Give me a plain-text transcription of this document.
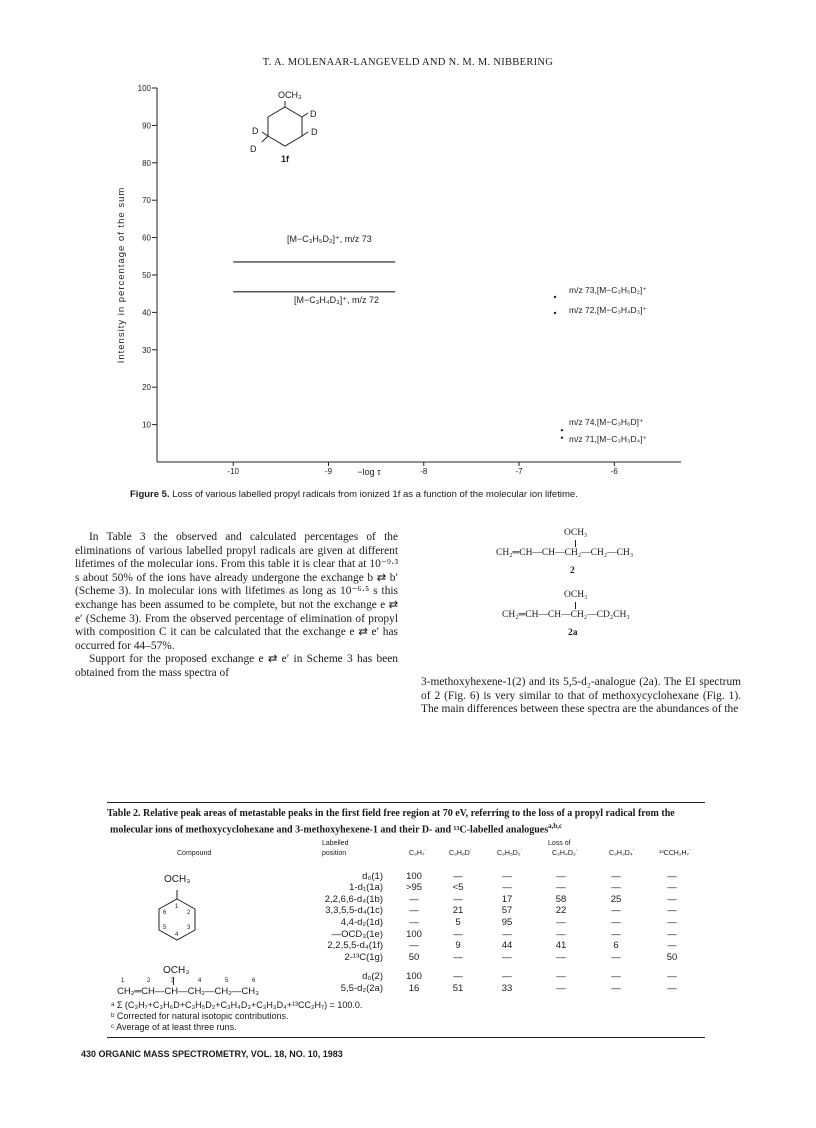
T. A. MOLENAAR-LANGEVELD AND N. M. M. NIBBERING
10
20
30
40
50
60
70
80
90
100
-10	-9	-8	-7	-6
Intensity in percentage of the sum
−log τ
OCH₃
D
D
D
D
1f
[M−C₃H₅D₂]⁺, m/z 73
[M−C₃H₄D₃]⁺, m/z 72
m/z 73,[M−C₃H₅D₂]⁺
m/z 72,[M−C₃H₄D₃]⁺
m/z 74,[M−C₃H₆D]⁺
m/z 71,[M−C₃H₃D₄]⁺
Figure 5. Loss of various labelled propyl radicals from ionized 1f as a function of the molecular ion lifetime.

In Table 3 the observed and calculated percentages of the eliminations of various labelled propyl radicals are given at different lifetimes of the molecular ions. From this table it is clear that at 10⁻⁹·³ s about 50% of the ions have already undergone the exchange b ⇄ b′ (Scheme 3). In molecular ions with lifetimes as long as 10⁻⁶·⁵ s this exchange has been assumed to be complete, but not the exchange e ⇄ e′ (Scheme 3). From the observed percentage of elimination of propyl with composition C it can be calculated that the exchange e ⇄ e′ has occurred for 44–57%.

Support for the proposed exchange e ⇄ e′ in Scheme 3 has been obtained from the mass spectra of

OCH₃
CH₂═CH—CH—CH₂—CH₂—CH₃
2
OCH₃
CH₂═CH—CH—CH₂—CD₂CH₃
2a

3-methoxyhexene-1(2) and its 5,5-d₂-analogue (2a). The EI spectrum of 2 (Fig. 6) is very similar to that of methoxycyclohexane (Fig. 1). The main differences between these spectra are the abundances of the

Table 2. Relative peak areas of metastable peaks in the first field free region at 70 eV, referring to the loss of a propyl radical from the molecular ions of methoxycyclohexane and 3-methoxyhexene-1 and their D- and ¹³C-labelled analogues$^{a,b,c}$
Labelled
Compound	position
Loss of
C₃H₇˙	C₃H₆D˙	C₃H₅D₂˙	C₃H₄D₃˙	C₃H₃D₄˙	¹³CCH₂H₇˙
OCH₃
1
2
3
4
5
6
d₀(1)	100	—	—	—	—	—
1-d₁(1a)	>95	<5	—	—	—	—
2,2,6,6-d₄(1b)	—	—	17	58	25	—
3,3,5,5-d₄(1c)	—	21	57	22	—	—
4,4-d₂(1d)	—	5	95	—	—	—
—OCD₃(1e)	100	—	—	—	—	—
2,2,5,5-d₄(1f)	—	9	44	41	6	—
2-¹³C(1g)	50	—	—	—	—	50
OCH₃
1	2	3	4	5	6
CH₂═CH—CH—CH₂—CH₂—CH₃
d₀(2)	100	—	—	—	—	—
5,5-d₂(2a)	16	51	33	—	—	—
ᵃ Σ (C₃H₇+C₃H₆D+C₃H₅D₂+C₃H₄D₃+C₃H₃D₄+¹³CC₂H₇) = 100.0.
ᵇ Corrected for natural isotopic contributions.
ᶜ Average of at least three runs.
430 ORGANIC MASS SPECTROMETRY, VOL. 18, NO. 10, 1983
